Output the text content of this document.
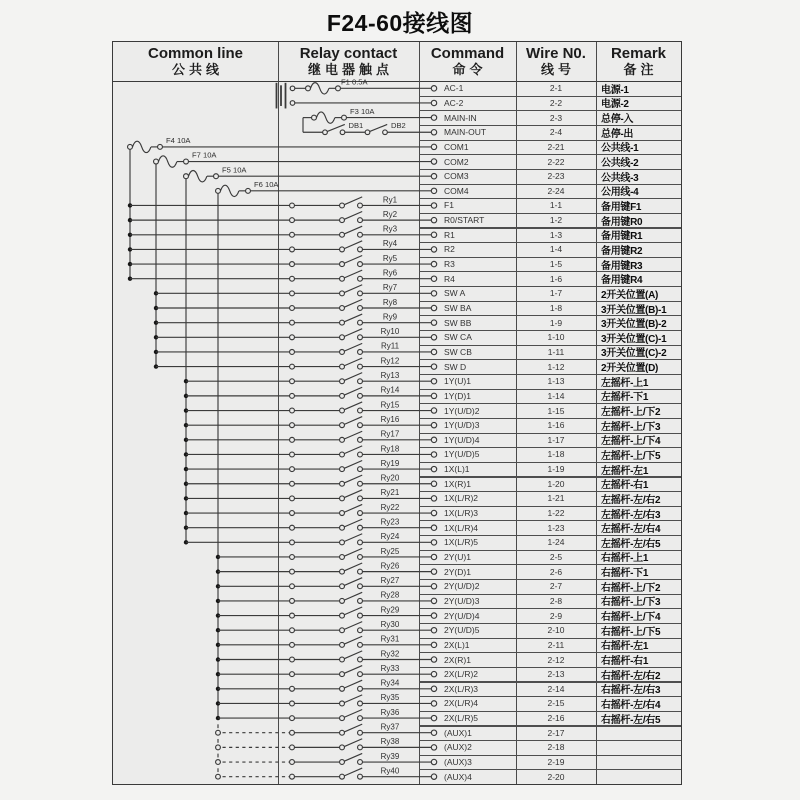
F24-60接线图
Common line
公共线
Relay contact
继电器触点
Command
命令
Wire N0.
线号
Remark
备注
AC-1	2-1	电源-1
AC-2	2-2	电源-2
MAIN-IN	2-3	总停-入
MAIN-OUT	2-4	总停-出
COM1	2-21	公共线-1
COM2	2-22	公共线-2
COM3	2-23	公共线-3
COM4	2-24	公用线-4
F1	1-1	备用键F1
R0/START	1-2	备用键R0
R1	1-3	备用键R1
R2	1-4	备用键R2
R3	1-5	备用键R3
R4	1-6	备用键R4
SW A	1-7	2开关位置(A)
SW BA	1-8	3开关位置(B)-1
SW BB	1-9	3开关位置(B)-2
SW CA	1-10	3开关位置(C)-1
SW CB	1-11	3开关位置(C)-2
SW D	1-12	2开关位置(D)
1Y(U)1	1-13	左摇杆-上1
1Y(D)1	1-14	左摇杆-下1
1Y(U/D)2	1-15	左摇杆-上/下2
1Y(U/D)3	1-16	左摇杆-上/下3
1Y(U/D)4	1-17	左摇杆-上/下4
1Y(U/D)5	1-18	左摇杆-上/下5
1X(L)1	1-19	左摇杆-左1
1X(R)1	1-20	左摇杆-右1
1X(L/R)2	1-21	左摇杆-左/右2
1X(L/R)3	1-22	左摇杆-左/右3
1X(L/R)4	1-23	左摇杆-左/右4
1X(L/R)5	1-24	左摇杆-左/右5
2Y(U)1	2-5	右摇杆-上1
2Y(D)1	2-6	右摇杆-下1
2Y(U/D)2	2-7	右摇杆-上/下2
2Y(U/D)3	2-8	右摇杆-上/下3
2Y(U/D)4	2-9	右摇杆-上/下4
2Y(U/D)5	2-10	右摇杆-上/下5
2X(L)1	2-11	右摇杆-左1
2X(R)1	2-12	右摇杆-右1
2X(L/R)2	2-13	右摇杆-左/右2
2X(L/R)3	2-14	右摇杆-左/右3
2X(L/R)4	2-15	右摇杆-左/右4
2X(L/R)5	2-16	右摇杆-左/右5
(AUX)1	2-17
(AUX)2	2-18
(AUX)3	2-19
(AUX)4	2-20
F1 0.5A
F3 10A
DB1	DB2
F4 10A
F7 10A
F5 10A
F6 10A
Ry1
Ry2
Ry3
Ry4
Ry5
Ry6
Ry7
Ry8
Ry9
Ry10
Ry11
Ry12
Ry13
Ry14
Ry15
Ry16
Ry17
Ry18
Ry19
Ry20
Ry21
Ry22
Ry23
Ry24
Ry25
Ry26
Ry27
Ry28
Ry29
Ry30
Ry31
Ry32
Ry33
Ry34
Ry35
Ry36
Ry37
Ry38
Ry39
Ry40
